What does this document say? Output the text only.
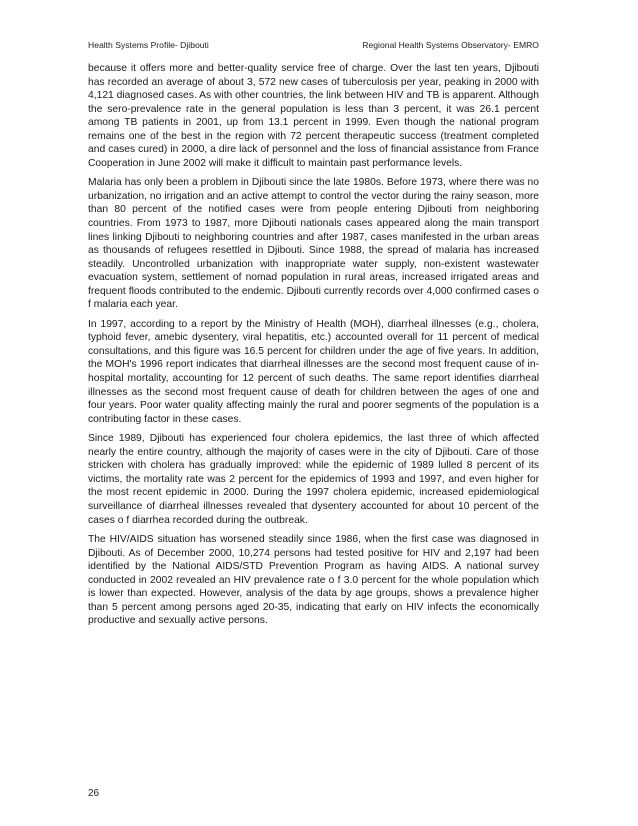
Health Systems Profile- Djibouti	Regional Health Systems Observatory- EMRO

because it offers more and better-quality service free of charge. Over the last ten years, Djibouti has recorded an average of about 3, 572 new cases of tuberculosis per year, peaking in 2000 with 4,121 diagnosed cases. As with other countries, the link between HIV and TB is apparent. Although the sero-prevalence rate in the general population is less than 3 percent, it was 26.1 percent among TB patients in 2001, up from 13.1 percent in 1999. Even though the national program remains one of the best in the region with 72 percent therapeutic success (treatment completed and cases cured) in 2000, a dire lack of personnel and the loss of financial assistance from France Cooperation in June 2002 will make it difficult to maintain past performance levels.

Malaria has only been a problem in Djibouti since the late 1980s. Before 1973, where there was no urbanization, no irrigation and an active attempt to control the vector during the rainy season, more than 80 percent of the notified cases were from people entering Djibouti from neighboring countries. From 1973 to 1987, more Djibouti nationals cases appeared along the main transport lines linking Djibouti to neighboring countries and after 1987, cases manifested in the urban areas as thousands of refugees resettled in Djibouti. Since 1988, the spread of malaria has increased steadily. Uncontrolled urbanization with inappropriate water supply, non-existent wastewater evacuation system, settlement of nomad population in rural areas, increased irrigated areas and frequent floods contributed to the endemic. Djibouti currently records over 4,000 confirmed cases o f malaria each year.

In 1997, according to a report by the Ministry of Health (MOH), diarrheal illnesses (e.g., cholera, typhoid fever, amebic dysentery, viral hepatitis, etc.) accounted overall for 11 percent of medical consultations, and this figure was 16.5 percent for children under the age of five years. In addition, the MOH's 1996 report indicates that diarrheal illnesses are the second most frequent cause of in-hospital mortality, accounting for 12 percent of such deaths. The same report identifies diarrheal illnesses as the second most frequent cause of death for children between the ages of one and four years. Poor water quality affecting mainly the rural and poorer segments of the population is a contributing factor in these cases.

Since 1989, Djibouti has experienced four cholera epidemics, the last three of which affected nearly the entire country, although the majority of cases were in the city of Djibouti. Care of those stricken with cholera has gradually improved: while the epidemic of 1989 lulled 8 percent of its victims, the mortality rate was 2 percent for the epidemics of 1993 and 1997, and even higher for the most recent epidemic in 2000. During the 1997 cholera epidemic, increased epidemiological surveillance of diarrheal illnesses revealed that dysentery accounted for about 10 percent of the cases o f diarrhea recorded during the outbreak.

The HIV/AIDS situation has worsened steadily since 1986, when the first case was diagnosed in Djibouti. As of December 2000, 10,274 persons had tested positive for HIV and 2,197 had been identified by the National AIDS/STD Prevention Program as having AIDS. A national survey conducted in 2002 revealed an HIV prevalence rate o f 3.0 percent for the whole population which is lower than expected. However, analysis of the data by age groups, shows a prevalence higher than 5 percent among persons aged 20-35, indicating that early on HIV infects the economically productive and sexually active persons.

26
